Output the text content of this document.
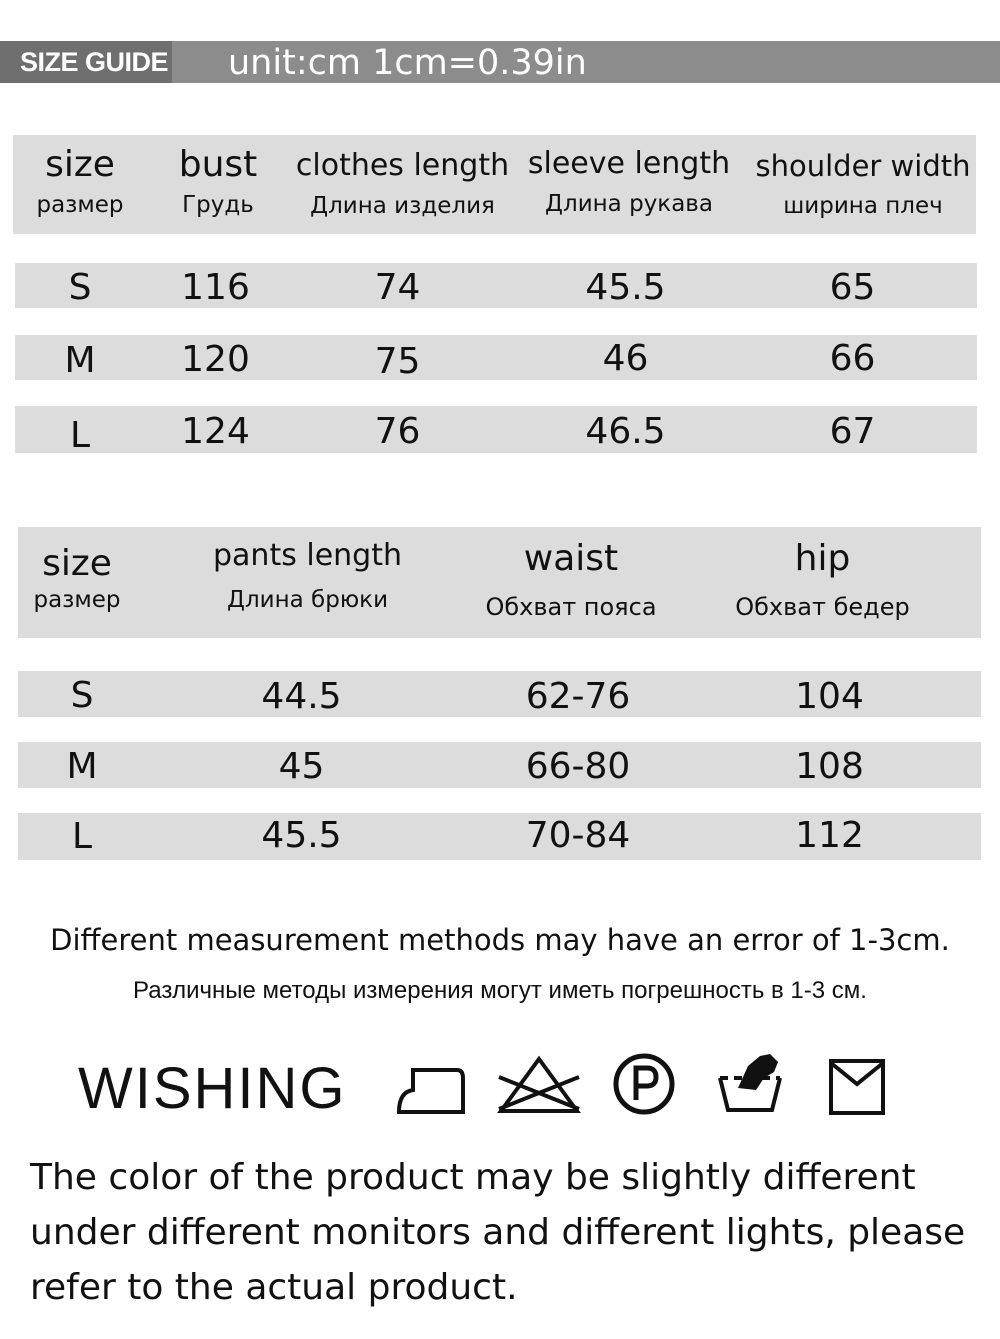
SIZE GUIDE unit:cm 1cm=0.39in
size
размер
bust
Грудь
clothes length
Длина изделия
sleeve length
Длина рукава
shoulder width
ширина плеч
S	116	74	45.5	65
M	120	75	46	66
L	124	76	46.5	67
size
размер
pants length
Длина брюки
waist
Обхват пояса
hip
Обхват бедер
S	44.5	62-76	104
M	45	66-80	108
L	45.5	70-84	112
Different measurement methods may have an error of 1-3cm.
Различные методы измерения могут иметь погрешность в 1-3 см.
WISHING
The color of the product may be slightly different under different monitors and different lights, please refer to the actual product.
